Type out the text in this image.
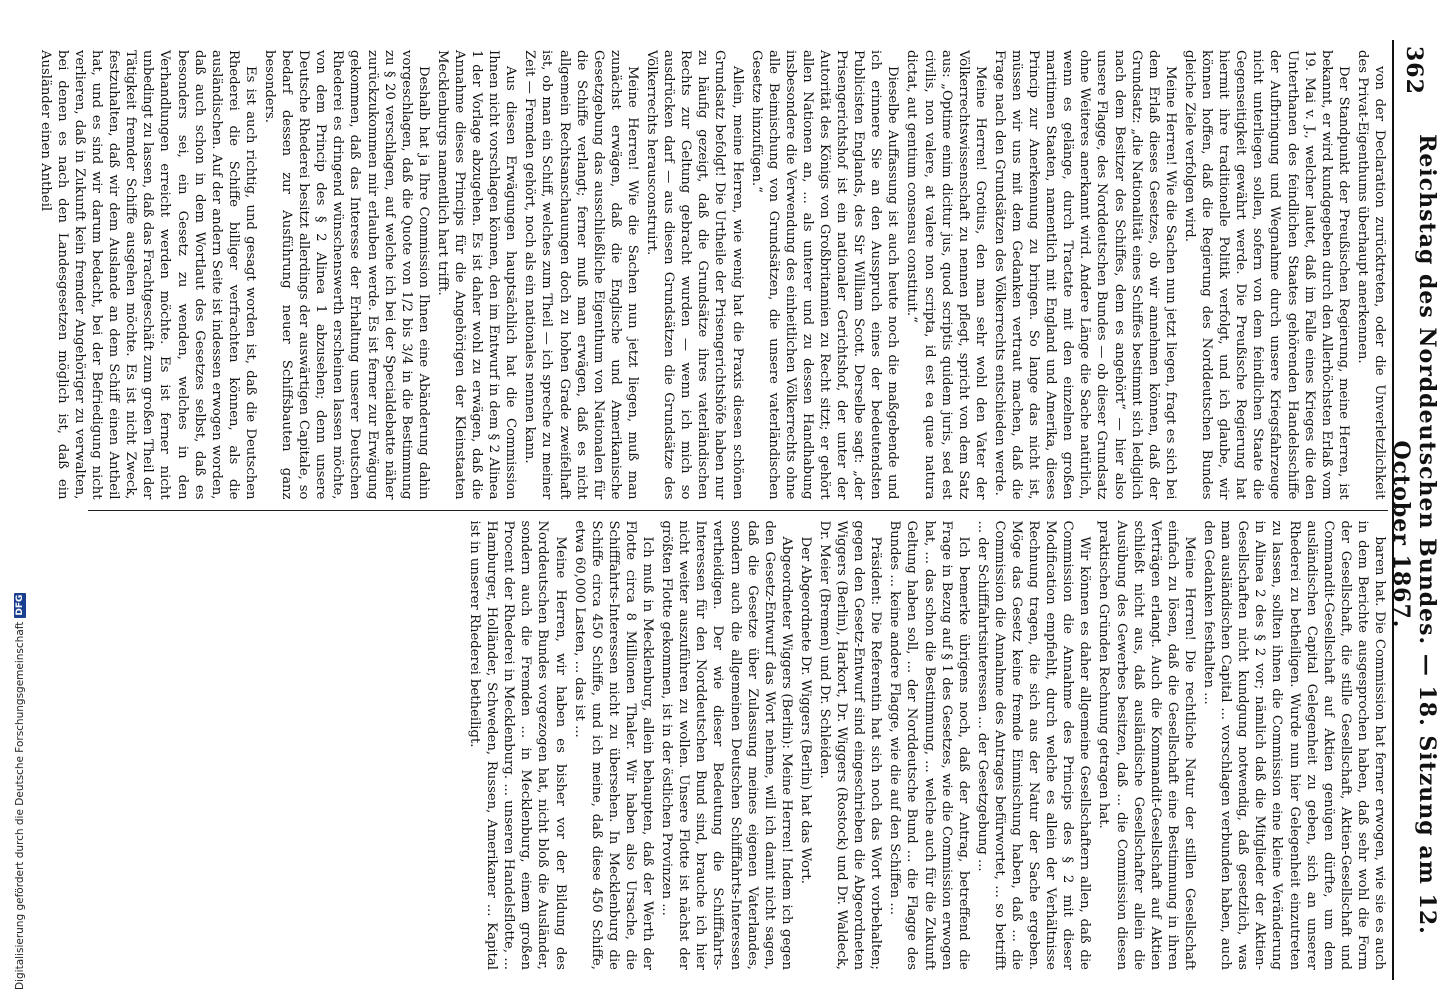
362
Reichstag des Norddeutschen Bundes. — 18. Sitzung am 12. October 1867.

von der Declaration zurücktreten, oder die Unverletzlichkeit des Privat-Eigenthums überhaupt anerkennen.

Der Standpunkt der Preußischen Regierung, meine Herren, ist bekannt, er wird kundgegeben durch den Allerhöchsten Erlaß vom 19. Mai v. J., welcher lautet, daß im Falle eines Krieges die den Unterthanen des feindlichen Staates gehörenden Handelsschiffe der Aufbringung und Wegnahme durch unsere Kriegsfahrzeuge nicht unterliegen sollen, sofern von dem feindlichen Staate die Gegenseitigkeit gewährt werde. Die Preußische Regierung hat hiermit ihre traditionelle Politik verfolgt, und ich glaube, wir können hoffen, daß die Regierung des Norddeutschen Bundes gleiche Ziele verfolgen wird.

Meine Herren! Wie die Sachen nun jetzt liegen, fragt es sich bei dem Erlaß dieses Gesetzes, ob wir annehmen können, daß der Grundsatz: „die Nationalität eines Schiffes bestimmt sich lediglich nach dem Besitzer des Schiffes, dem es angehört“ — hier also unsere Flagge, des Norddeutschen Bundes — ob dieser Grundsatz ohne Weiteres anerkannt wird. Andere Länge die Sache natürlich, wenn es gelänge, durch Tractate mit den einzelnen großen maritimen Staaten, namentlich mit England und Amerika, dieses Princip zur Anerkennung zu bringen. So lange das nicht ist, müssen wir uns mit dem Gedanken vertraut machen, daß die Frage nach den Grundsätzen des Völkerrechts entschieden werde.

Meine Herren! Grotius, den man sehr wohl den Vater der Völkerrechtswissenschaft zu nennen pflegt, spricht von dem Satz aus: „Optime enim dicitur jus, quod scriptis quidem juris, sed est civilis, non valere, at valere non scripta, id est ea quae natura dictat, aut gentium consensu constituit.“

Dieselbe Auffassung ist auch heute noch die maßgebende und ich erinnere Sie an den Ausspruch eines der bedeutendsten Publicisten Englands, des Sir William Scott. Derselbe sagt: „der Prisengerichtshof ist ein nationaler Gerichtshof, der unter der Autorität des Königs von Großbritannien zu Recht sitzt; er gehört allen Nationen an, ... als unterer und zu dessen Handhabung insbesondere die Verwendung des einheitlichen Völkerrechts ohne alle Beimischung von Grundsätzen, die unsere vaterländischen Gesetze hinzufügen.“

Allein, meine Herren, wie wenig hat die Praxis diesen schönen Grundsatz befolgt! Die Urtheile der Prisengerichtshöfe haben nur zu häufig gezeigt, daß die Grundsätze ihres vaterländischen Rechts zur Geltung gebracht wurden — wenn ich mich so ausdrücken darf — aus diesen Grundsätzen die Grundsätze des Völkerrechts herausconstruirt.

Meine Herren! Wie die Sachen nun jetzt liegen, muß man zunächst erwägen, daß die Englische und Amerikanische Gesetzgebung das ausschließliche Eigenthum von Nationalen für die Schiffe verlangt; ferner muß man erwägen, daß es nicht allgemein Rechtsanschauungen doch zu hohen Grade zweifelhaft ist, ob man ein Schiff, welches zum Theil — ich spreche zu meiner Zeit — Fremden gehört, noch als ein nationales nennen kann.

Aus diesen Erwägungen hauptsächlich hat die Commission Ihnen nicht vorschlagen können, den im Entwurf in dem § 2 Alinea 1 der Vorlage abzugehen. Es ist daher wohl zu erwägen, daß die Annahme dieses Princips für die Angehörigen der Kleinstaaten Mecklenburgs namentlich hart trifft.

Deshalb hat ja Ihre Commission Ihnen eine Abänderung dahin vorgeschlagen, daß die Quote von 1/2 bis 3/4 in die Bestimmung zu § 20 verschlagen, auf welche ich bei der Specialdebatte näher zurückzukommen mir erlauben werde. Es ist ferner zur Erwägung gekommen, daß das Interesse der Erhaltung unserer Deutschen Rhederei es dringend wünschenswerth erscheinen lassen möchte, von dem Princip des § 2 Alinea 1 abzusehen; denn unsere Deutsche Rhederei besitzt allerdings der auswärtigen Capitale, so bedarf dessen zur Ausführung neuer Schiffsbauten ganz besonders.

Es ist auch richtig, und gesagt worden ist, daß die Deutschen Rhederei die Schiffe billiger verfrachten können, als die ausländischen. Auf der andern Seite ist indessen erwogen worden, daß auch schon in dem Wortlaut des Gesetzes selbst, daß es besonders sei, ein Gesetz zu wenden, welches in den Verhandlungen erreicht werden möchte. Es ist ferner nicht unbedingt zu lassen, daß das Frachtgeschäft zum großen Theil der Tätigkeit fremder Schiffe ausgehen möchte. Es ist nicht Zweck, festzuhalten, daß wir dem Auslande an dem Schiff einen Antheil hat, und es sind wir darum bedacht, bei der Befriedigung nicht verlieren, daß in Zukunft kein fremder Angehöriger zu verwalten, bei denen es nach den Landesgesetzen möglich ist, daß ein Ausländer einen Antheil

baren hat. Die Commission hat ferner erwogen, wie sie es auch in dem Berichte ausgesprochen haben, daß sehr wohl die Form der Gesellschaft, die stille Gesellschaft, Aktien-Gesellschaft und Commandit-Gesellschaft auf Aktien genügen dürfte, um dem ausländischen Capital Gelegenheit zu geben, sich an unserer Rhederei zu betheiligen. Wurde nun hier Gelegenheit einzutreten zu lassen, sollten ihnen die Commission eine kleine Veränderung in Alinea 2 des § 2 vor; nämlich daß die Mitglieder der Aktien-Gesellschaften nicht kundgung notwendig, daß gesetzlich, was man ausländischen Capital ... vorschlagen verbunden haben, auch den Gedanken festhalten ...

Meine Herren! Die rechtliche Natur der stillen Gesellschaft einfach zu lösen, daß die Gesellschaft eine Bestimmung in ihren Verträgen erlangt. Auch die Kommandit-Gesellschaft auf Aktien schließt nicht aus, daß ausländische Gesellschafter allein die Ausübung des Gewerbes besitzen, daß ... die Commission diesen praktischen Gründen Rechnung getragen hat.

Wir können es daher allgemeine Gesellschaftern allen, daß die Commission die Annahme des Princips des § 2 mit dieser Modification empfiehlt, durch welche es allein der Verhältnisse Rechnung tragen, die sich aus der Natur der Sache ergeben. Möge das Gesetz keine fremde Einmischung haben, daß ... die Commission die Annahme des Antrages befürwortet, ... so betrifft ... der Schifffahrtsinteressen ... der Gesetzgebung ...

Ich bemerke übrigens noch, daß der Antrag, betreffend die Frage in Bezug auf § 1 des Gesetzes, wie die Commission erwogen hat, ... das schon die Bestimmung, ... welche auch für die Zukunft Geltung haben soll, ... der Norddeutsche Bund ... die Flagge des Bundes ... keine andere Flagge, wie die auf den Schiffen ...

Präsident: Die Referentin hat sich noch das Wort vorbehalten; gegen den Gesetz-Entwurf sind eingeschrieben die Abgeordneten Wiggers (Berlin), Harkort, Dr. Wiggers (Rostock) und Dr. Waldeck, Dr. Meier (Bremen) und Dr. Schleiden.

Der Abgeordnete Dr. Wiggers (Berlin) hat das Wort.

Abgeordneter Wiggers (Berlin): Meine Herren! Indem ich gegen den Gesetz-Entwurf das Wort nehme, will ich damit nicht sagen, daß die Gesetze über Zulassung meines eigenen Vaterlandes, sondern auch die allgemeinen Deutschen Schifffahrts-Interessen vertheidigen. Der wie dieser Bedeutung die Schifffahrts-Interessen für den Norddeutschen Bund sind, brauche ich hier nicht weiter auszuführen zu wollen. Unsere Flotte ist nächst der größten Flotte gekommen, ist in der östlichen Provinzen ...

Ich muß in Mecklenburg, allein behaupten, daß der Werth der Flotte circa 8 Millionen Thaler. Wir haben also Ursache, die Schifffahrts-Interessen nicht zu übersehen. In Mecklenburg die Schiffe circa 450 Schiffe, und ich meine, daß diese 450 Schiffe, etwa 60,000 Lasten, ... das ist ...

Meine Herren, wir haben es bisher vor der Bildung des Norddeutschen Bundes vorgezogen hat, nicht bloß die Ausländer, sondern auch die Fremden ... in Mecklenburg, einem großen Procent der Rhederei in Mecklenburg. ... unseren Handelsflotte, ... Hamburger, Holländer, Schweden, Russen, Amerikaner ... Kapital ist in unserer Rhederei betheiligt.

Digitalisierung gefördert durch die Deutsche Forschungsgemeinschaft
DFG
